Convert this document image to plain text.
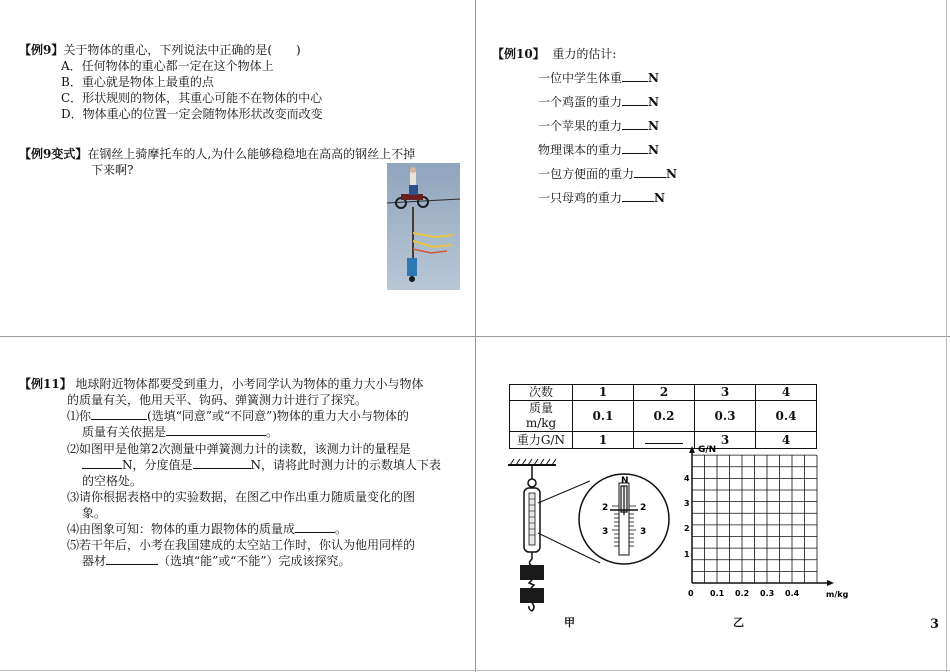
【例9】关于物体的重心，下列说法中正确的是(　　)
A．任何物体的重心都一定在这个物体上
B．重心就是物体上最重的点
C．形状规则的物体，其重心可能不在物体的中心
D．物体重心的位置一定会随物体形状改变而改变
【例9变式】在钢丝上骑摩托车的人,为什么能够稳稳地在高高的钢丝上不掉
下来啊?
【例10】 重力的估计:
一位中学生体重 N
一个鸡蛋的重力 N
一个苹果的重力 N
物理课本的重力 N
一包方便面的重力	N
一只母鸡的重力	N
【例11】 地球附近物体都要受到重力，小考同学认为物体的重力大小与物体
的质量有关，他用天平、钩码、弹簧测力计进行了探究。
⑴你	(选填“同意”或“不同意”)物体的重力大小与物体的
质量有关依据是	。
⑵如图甲是他第2次测量中弹簧测力计的读数，该测力计的量程是
N，分度值是	N，请将此时测力计的示数填人下表
的空格处。
⑶请你根据表格中的实验数据，在图乙中作出重力随质量变化的图
象。
⑷由图象可知：物体的重力跟物体的质量成	。
⑸若干年后，小考在我国建成的太空站工作时，你认为他用同样的
器材	（选填“能”或“不能”）完成该探究。
次数	1	2	3	4
质量m/kg	0.1	0.2	0.3	0.4
重力G/N	1		3	4
N
2
3
2
3
甲
G/N
m/kg
0
1
2
3
4
0.1 0.2 0.3 0.4
乙	3
